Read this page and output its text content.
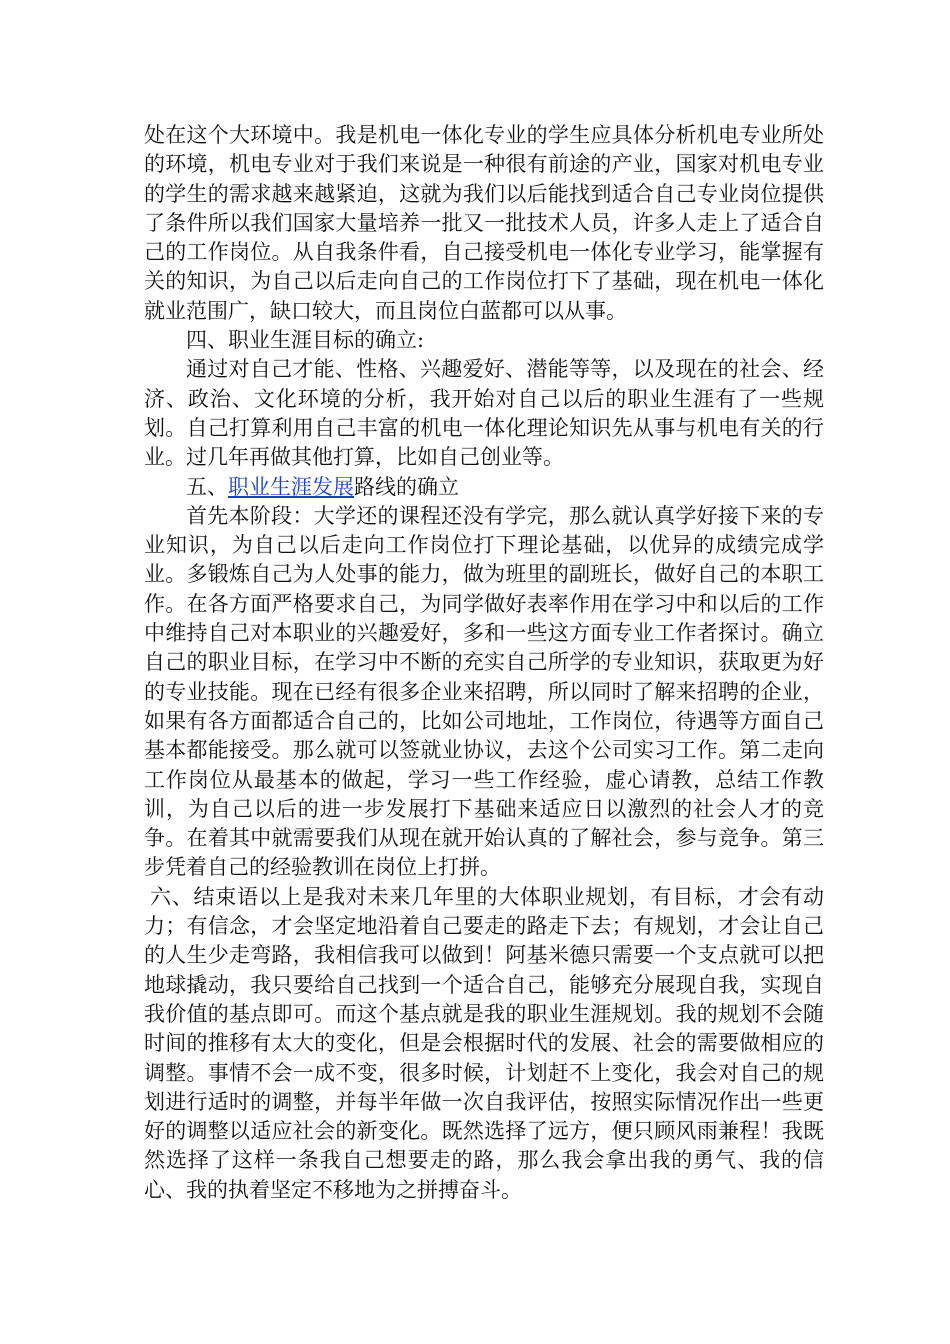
处在这个大环境中。我是机电一体化专业的学生应具体分析机电专业所处的环境，机电专业对于我们来说是一种很有前途的产业，国家对机电专业的学生的需求越来越紧迫，这就为我们以后能找到适合自己专业岗位提供了条件所以我们国家大量培养一批又一批技术人员，许多人走上了适合自己的工作岗位。从自我条件看，自己接受机电一体化专业学习，能掌握有关的知识，为自己以后走向自己的工作岗位打下了基础，现在机电一体化就业范围广，缺口较大，而且岗位白蓝都可以从事。

四、职业生涯目标的确立:

通过对自己才能、性格、兴趣爱好、潜能等等，以及现在的社会、经济、政治、文化环境的分析，我开始对自己以后的职业生涯有了一些规划。自己打算利用自己丰富的机电一体化理论知识先从事与机电有关的行业。过几年再做其他打算，比如自己创业等。

五、职业生涯发展路线的确立

首先本阶段：大学还的课程还没有学完，那么就认真学好接下来的专业知识，为自己以后走向工作岗位打下理论基础，以优异的成绩完成学业。多锻炼自己为人处事的能力，做为班里的副班长，做好自己的本职工作。在各方面严格要求自己，为同学做好表率作用在学习中和以后的工作中维持自己对本职业的兴趣爱好，多和一些这方面专业工作者探讨。确立自己的职业目标，在学习中不断的充实自己所学的专业知识，获取更为好的专业技能。现在已经有很多企业来招聘，所以同时了解来招聘的企业，如果有各方面都适合自己的，比如公司地址，工作岗位，待遇等方面自己基本都能接受。那么就可以签就业协议，去这个公司实习工作。第二走向工作岗位从最基本的做起，学习一些工作经验，虚心请教，总结工作教训，为自己以后的进一步发展打下基础来适应日以激烈的社会人才的竞争。在着其中就需要我们从现在就开始认真的了解社会，参与竞争。第三步凭着自己的经验教训在岗位上打拼。

六、结束语以上是我对未来几年里的大体职业规划，有目标，才会有动力；有信念，才会坚定地沿着自己要走的路走下去；有规划，才会让自己的人生少走弯路，我相信我可以做到！阿基米德只需要一个支点就可以把地球撬动，我只要给自己找到一个适合自己，能够充分展现自我，实现自我价值的基点即可。而这个基点就是我的职业生涯规划。我的规划不会随时间的推移有太大的变化，但是会根据时代的发展、社会的需要做相应的调整。事情不会一成不变，很多时候，计划赶不上变化，我会对自己的规划进行适时的调整，并每半年做一次自我评估，按照实际情况作出一些更好的调整以适应社会的新变化。既然选择了远方，便只顾风雨兼程！我既然选择了这样一条我自己想要走的路，那么我会拿出我的勇气、我的信心、我的执着坚定不移地为之拼搏奋斗。
